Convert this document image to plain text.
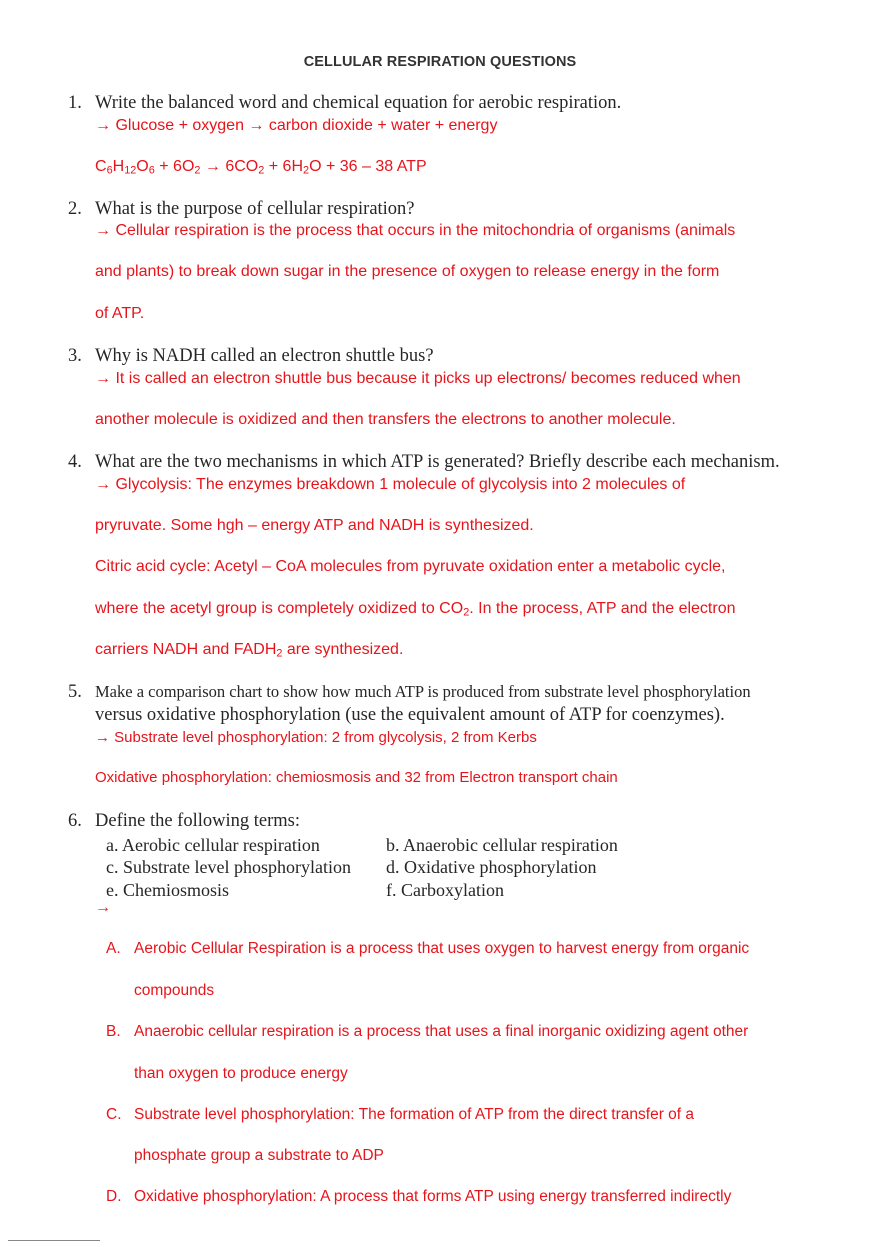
CELLULAR RESPIRATION QUESTIONS
1. Write the balanced word and chemical equation for aerobic respiration.
→ Glucose + oxygen → carbon dioxide + water + energy
$C_6H_{12}O_6 + 6O_2 \to 6CO_2 + 6H_2O + 36 - 38$ ATP
2. What is the purpose of cellular respiration?
→ Cellular respiration is the process that occurs in the mitochondria of organisms (animals
and plants) to break down sugar in the presence of oxygen to release energy in the form
of ATP.
3. Why is NADH called an electron shuttle bus?
→ It is called an electron shuttle bus because it picks up electrons/ becomes reduced when
another molecule is oxidized and then transfers the electrons to another molecule.
4. What are the two mechanisms in which ATP is generated? Briefly describe each mechanism.
→ Glycolysis: The enzymes breakdown 1 molecule of glycolysis into 2 molecules of
pryruvate. Some hgh – energy ATP and NADH is synthesized.
Citric acid cycle: Acetyl – CoA molecules from pyruvate oxidation enter a metabolic cycle,
where the acetyl group is completely oxidized to $CO_2$. In the process, ATP and the electron
carriers NADH and $FADH_2$ are synthesized.
5. Make a comparison chart to show how much ATP is produced from substrate level phosphorylation
versus oxidative phosphorylation (use the equivalent amount of ATP for coenzymes).
→ Substrate level phosphorylation: 2 from glycolysis, 2 from Kerbs
Oxidative phosphorylation: chemiosmosis and 32 from Electron transport chain
6. Define the following terms:
a. Aerobic cellular respiration	b. Anaerobic cellular respiration
c. Substrate level phosphorylation d. Oxidative phosphorylation
e. Chemiosmosis	f. Carboxylation
→
A. Aerobic Cellular Respiration is a process that uses oxygen to harvest energy from organic
compounds
B. Anaerobic cellular respiration is a process that uses a final inorganic oxidizing agent other
than oxygen to produce energy
C. Substrate level phosphorylation: The formation of ATP from the direct transfer of a
phosphate group a substrate to ADP
D. Oxidative phosphorylation: A process that forms ATP using energy transferred indirectly
